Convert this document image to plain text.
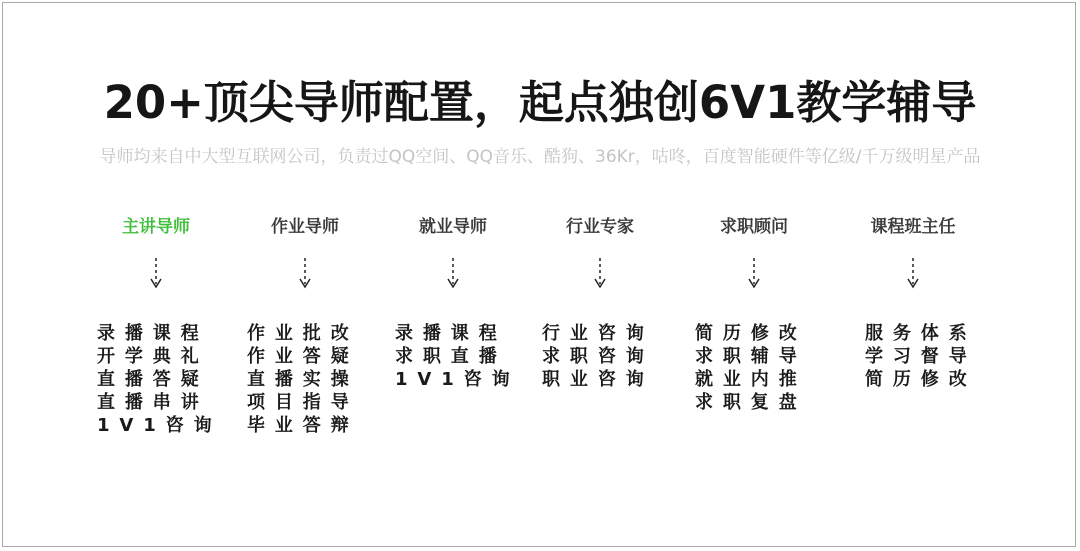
20+顶尖导师配置，起点独创6V1教学辅导
导师均来自中大型互联网公司，负责过QQ空间、QQ音乐、酷狗、36Kr，咕咚，百度智能硬件等亿级/千万级明星产品
主讲导师
录播课程
开学典礼
直播答疑
直播串讲
1V1咨询
作业导师
作业批改
作业答疑
直播实操
项目指导
毕业答辩
就业导师
录播课程
求职直播
1V1咨询
行业专家
行业咨询
求职咨询
职业咨询
求职顾问
简历修改
求职辅导
就业内推
求职复盘
课程班主任
服务体系
学习督导
简历修改
